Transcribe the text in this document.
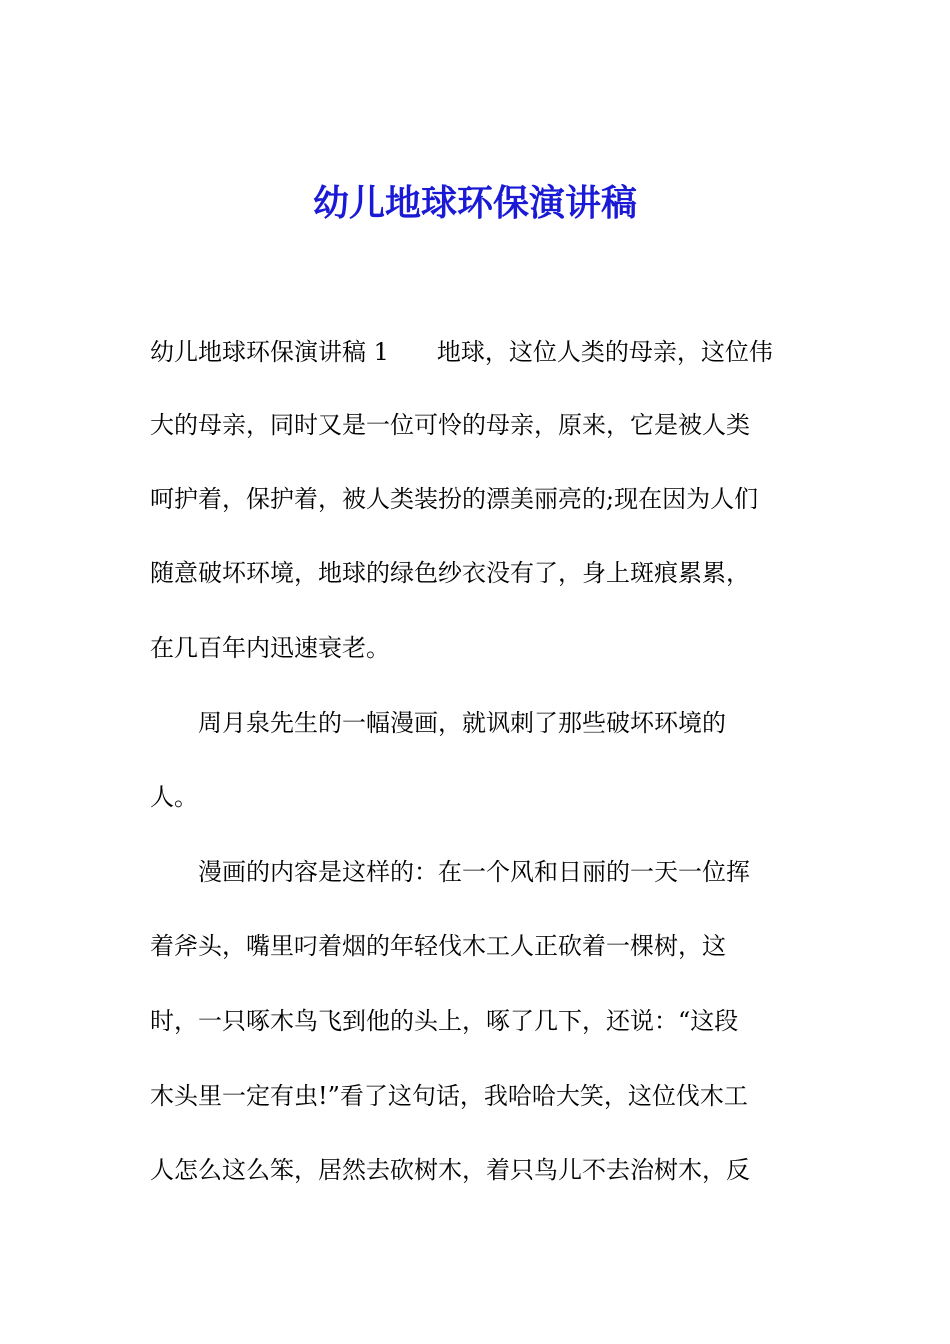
幼儿地球环保演讲稿

幼儿地球环保演讲稿 1　　地球，这位人类的母亲，这位伟

大的母亲，同时又是一位可怜的母亲，原来，它是被人类

呵护着，保护着，被人类装扮的漂美丽亮的;现在因为人们

随意破坏环境，地球的绿色纱衣没有了，身上斑痕累累，

在几百年内迅速衰老。

　　周月泉先生的一幅漫画，就讽刺了那些破坏环境的

人。

　　漫画的内容是这样的：在一个风和日丽的一天一位挥

着斧头，嘴里叼着烟的年轻伐木工人正砍着一棵树，这

时，一只啄木鸟飞到他的头上，啄了几下，还说：“这段

木头里一定有虫!”看了这句话，我哈哈大笑，这位伐木工

人怎么这么笨，居然去砍树木，着只鸟儿不去治树木，反
